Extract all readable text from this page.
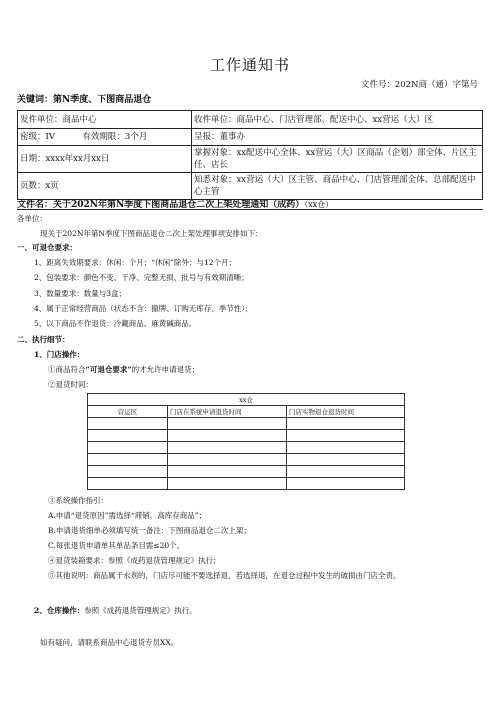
工作通知书
文件号：202N商（通）字第号
关键词：第N季度、下图商品退仓
发件单位：商品中心	收件单位：商品中心、门店管理部、配送中心、xx营运（大）区
密级：IV 有效期限：3个月	呈报：董事办
日期：xxxx年xx月xx日	掌握对象：xx配送中心全体、xx营运（大）区商品（企划）部全体、片区主任、店长
页数：x页	知悉对象：xx营运（大）区主管、商品中心、门店管理部全体、总部配送中心主管
文件名：关于202N年第N季度下图商品退仓二次上架处理通知（成药）（xx仓）
各单位：
现关于202N年第N季度下图商品退仓二次上架处理事项安排如下：
一、可退仓要求：
1、距离失效期要求：休闲：个月；“休闲”除外：与12个月；
2、包装要求：颜色不变、干净、完整无损、批号与有效期清晰；
3、数量要求：数量与3盒；
4、属于正常经营商品（状态不含：撤牌、订购无库存、季节性）；
5、以下商品不作退货：冷藏商品、麻黄碱商品。
二、执行细节：
1、门店操作：
①商品符合“可退仓要求”的才允许申请退货；
②退货时间：
xx仓		
营运区	门店在系统申请退货时间	门店实物退仓退货时间

③系统操作指引：
A.申请“退货原因”需选择“滞销，高库存商品”；
B.申请退货细单必须填写统一备注：下图商品退仓二次上架；
C.每张退货申请单其单品条目需≤20个。
④退货装箱要求：参照《成药退货管理规定》执行；
⑤其他说明：商品属于水剂的，门店尽可能不要选择退，若选择退，在退仓过程中发生的破损由门店全责。
2、仓库操作：参照《成药退货管理规定》执行。
如有疑问，请联系商品中心退货专员XX。
